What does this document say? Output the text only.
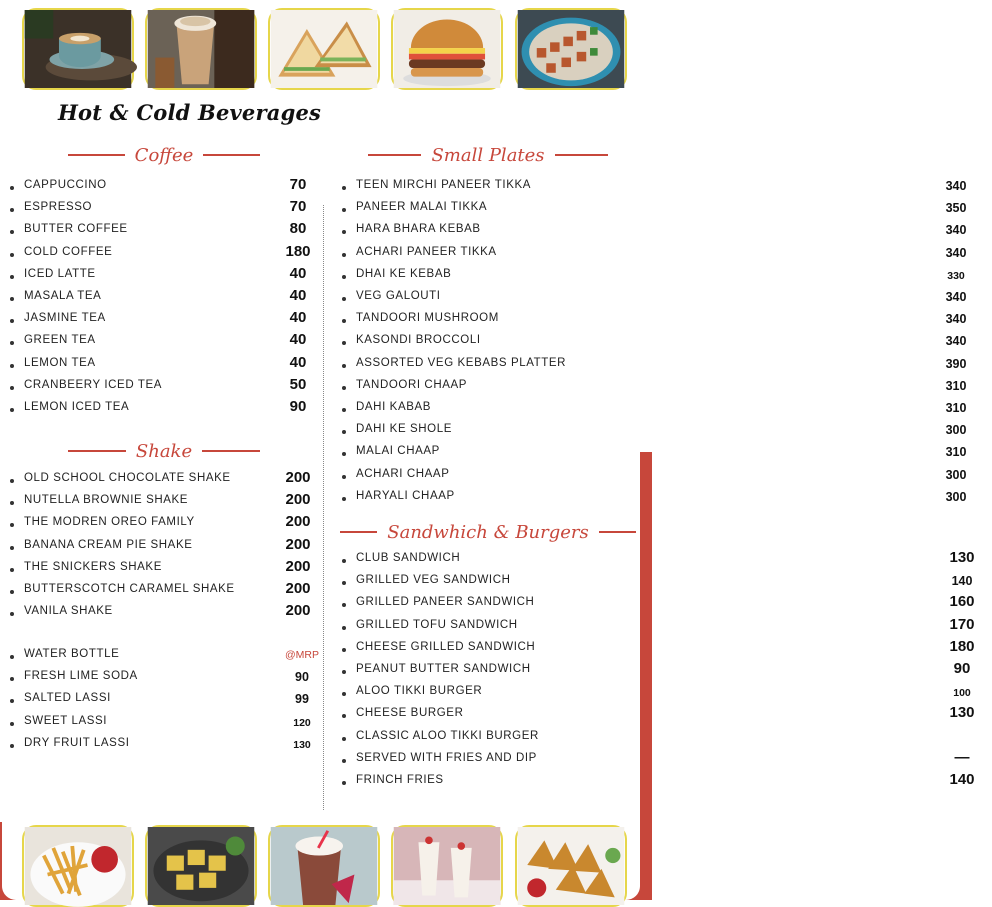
Hot & Cold Beverages
Coffee	Small Plates
Shake
Sandwhich & Burgers
CAPPUCCINO	70
ESPRESSO	70
BUTTER COFFEE	80
COLD COFFEE	180
ICED LATTE	40
MASALA TEA	40
JASMINE TEA	40
GREEN TEA	40
LEMON TEA	40
CRANBEERY ICED TEA	50
LEMON ICED TEA	90
OLD SCHOOL CHOCOLATE SHAKE	200
NUTELLA BROWNIE SHAKE	200
THE MODREN OREO FAMILY	200
BANANA CREAM PIE SHAKE	200
THE SNICKERS SHAKE	200
BUTTERSCOTCH CARAMEL SHAKE	200
VANILA SHAKE	200
WATER BOTTLE	@MRP
FRESH LIME SODA	90
SALTED LASSI	99
SWEET LASSI	120
DRY FRUIT LASSI	130
TEEN MIRCHI PANEER TIKKA	340
PANEER MALAI TIKKA	350
HARA BHARA KEBAB	340
ACHARI PANEER TIKKA	340
DHAI KE KEBAB	330
VEG GALOUTI	340
TANDOORI MUSHROOM	340
KASONDI BROCCOLI	340
ASSORTED VEG KEBABS PLATTER	390
TANDOORI CHAAP	310
DAHI KABAB	310
DAHI KE SHOLE	300
MALAI CHAAP	310
ACHARI CHAAP	300
HARYALI CHAAP	300
CLUB SANDWICH	130
GRILLED VEG SANDWICH	140
GRILLED PANEER SANDWICH	160
GRILLED TOFU SANDWICH	170
CHEESE GRILLED SANDWICH	180
PEANUT BUTTER SANDWICH	90
ALOO TIKKI BURGER	100
CHEESE BURGER	130
CLASSIC ALOO TIKKI BURGER
SERVED WITH FRIES AND DIP	—
FRINCH FRIES	140
